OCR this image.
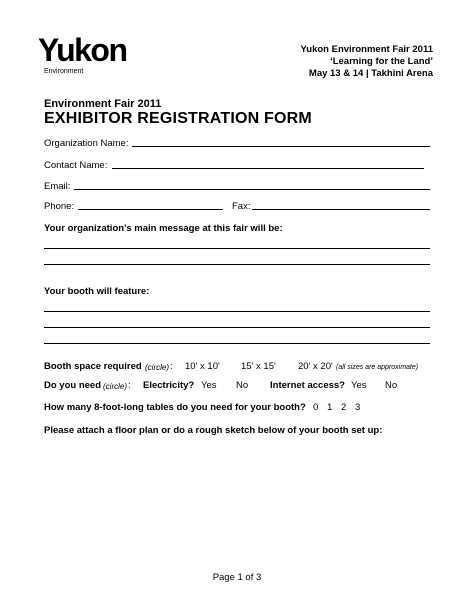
Yukon
Environment
Yukon Environment Fair 2011
‘Learning for the Land’
May 13 & 14 | Takhini Arena
Environment Fair 2011
EXHIBITOR REGISTRATION FORM
Organization Name:
Contact Name:
Email:
Phone:	Fax:
Your organization’s main message at this fair will be:
Your booth will feature:
Booth space required (circle) : 10' x 10' 15' x 15' 20' x 20' (all sizes are approximate)
Do you need (circle) : Electricity? Yes No Internet access? Yes No
How many 8-foot-long tables do you need for your booth? 0 1 2 3
Please attach a floor plan or do a rough sketch below of your booth set up:
Page 1 of 3
